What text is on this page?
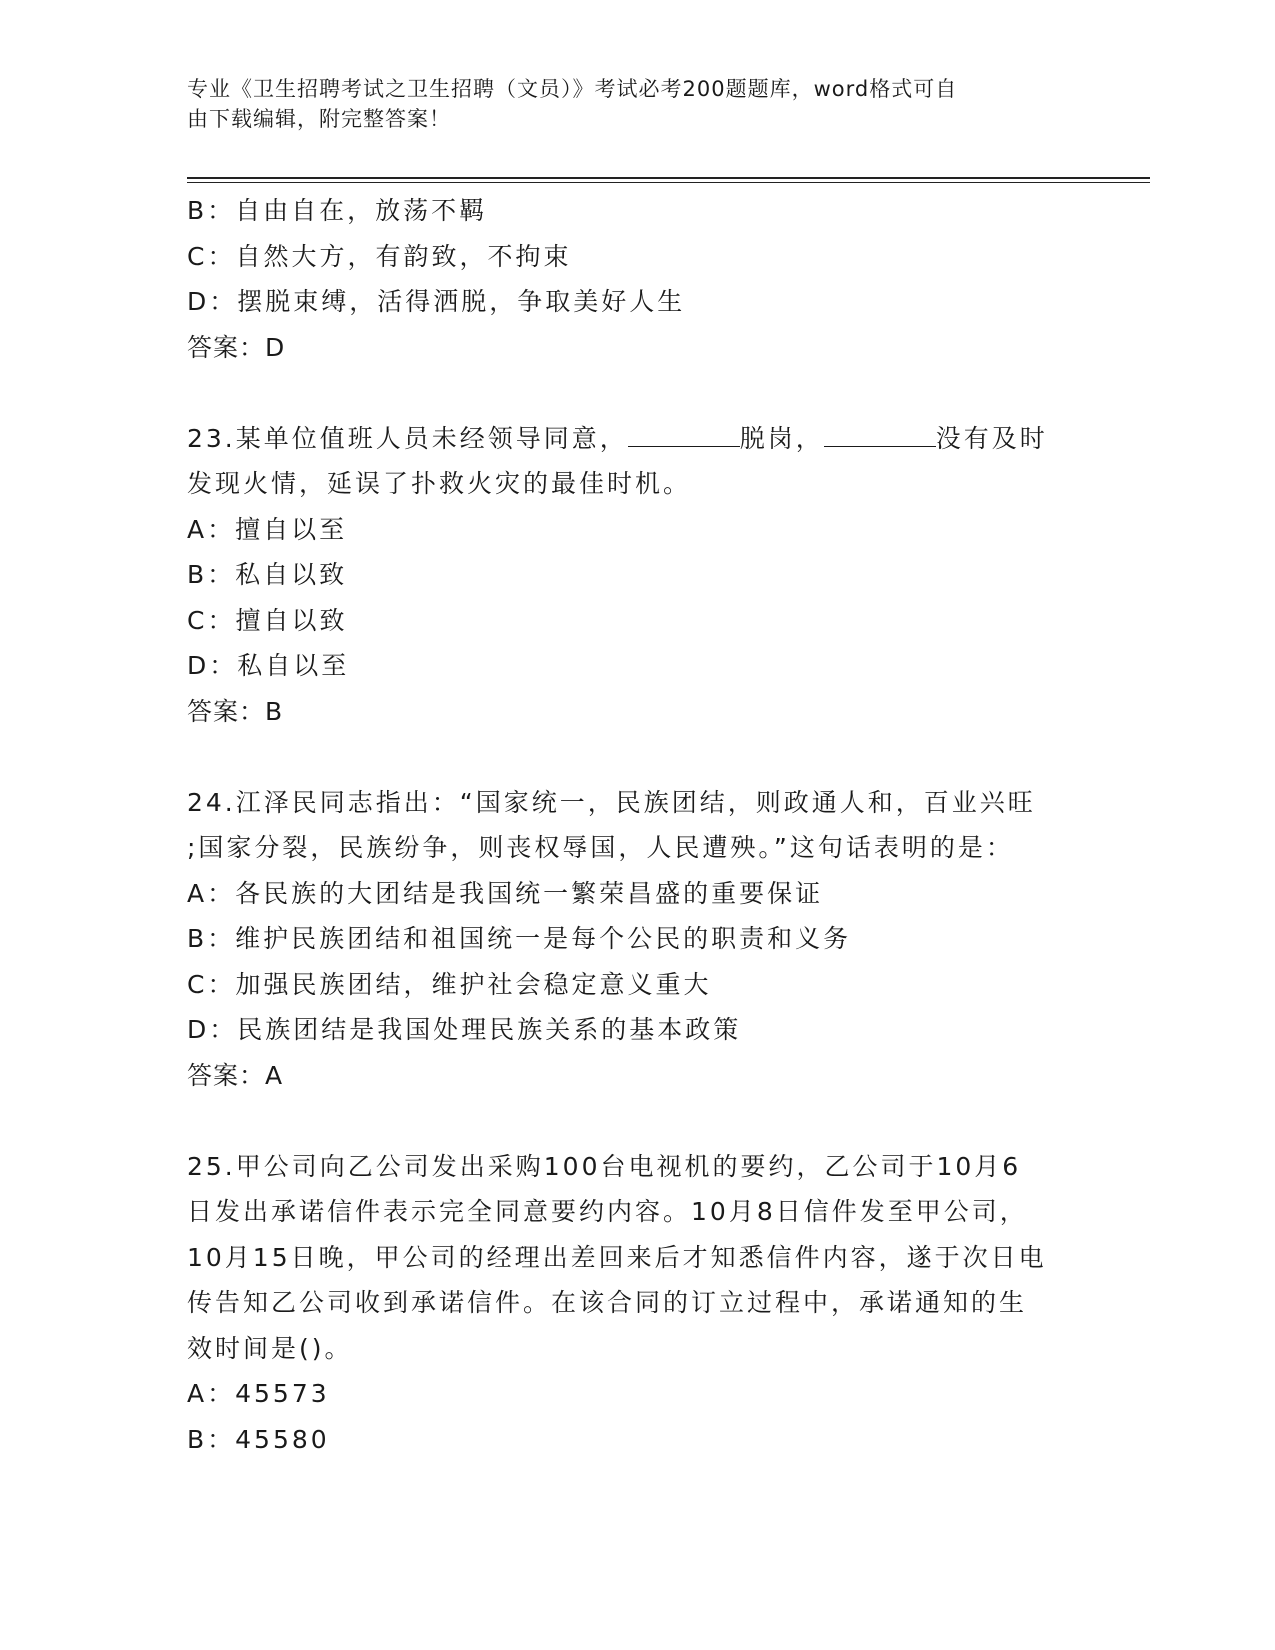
专业《卫生招聘考试之卫生招聘（文员）》考试必考200题题库，word格式可自
由下载编辑，附完整答案！
B：自由自在，放荡不羁
C：自然大方，有韵致，不拘束
D：摆脱束缚，活得洒脱，争取美好人生
答案：D
23.某单位值班人员未经领导同意，	脱岗，	没有及时
发现火情，延误了扑救火灾的最佳时机。
A：擅自以至
B：私自以致
C：擅自以致
D：私自以至
答案：B
24.江泽民同志指出：“国家统一，民族团结，则政通人和，百业兴旺
;国家分裂，民族纷争，则丧权辱国，人民遭殃。”这句话表明的是：
A：各民族的大团结是我国统一繁荣昌盛的重要保证
B：维护民族团结和祖国统一是每个公民的职责和义务
C：加强民族团结，维护社会稳定意义重大
D：民族团结是我国处理民族关系的基本政策
答案：A
25.甲公司向乙公司发出采购100台电视机的要约，乙公司于10月6
日发出承诺信件表示完全同意要约内容。10月8日信件发至甲公司，
10月15日晚，甲公司的经理出差回来后才知悉信件内容，遂于次日电
传告知乙公司收到承诺信件。在该合同的订立过程中，承诺通知的生
效时间是()。
A：45573
B：45580
